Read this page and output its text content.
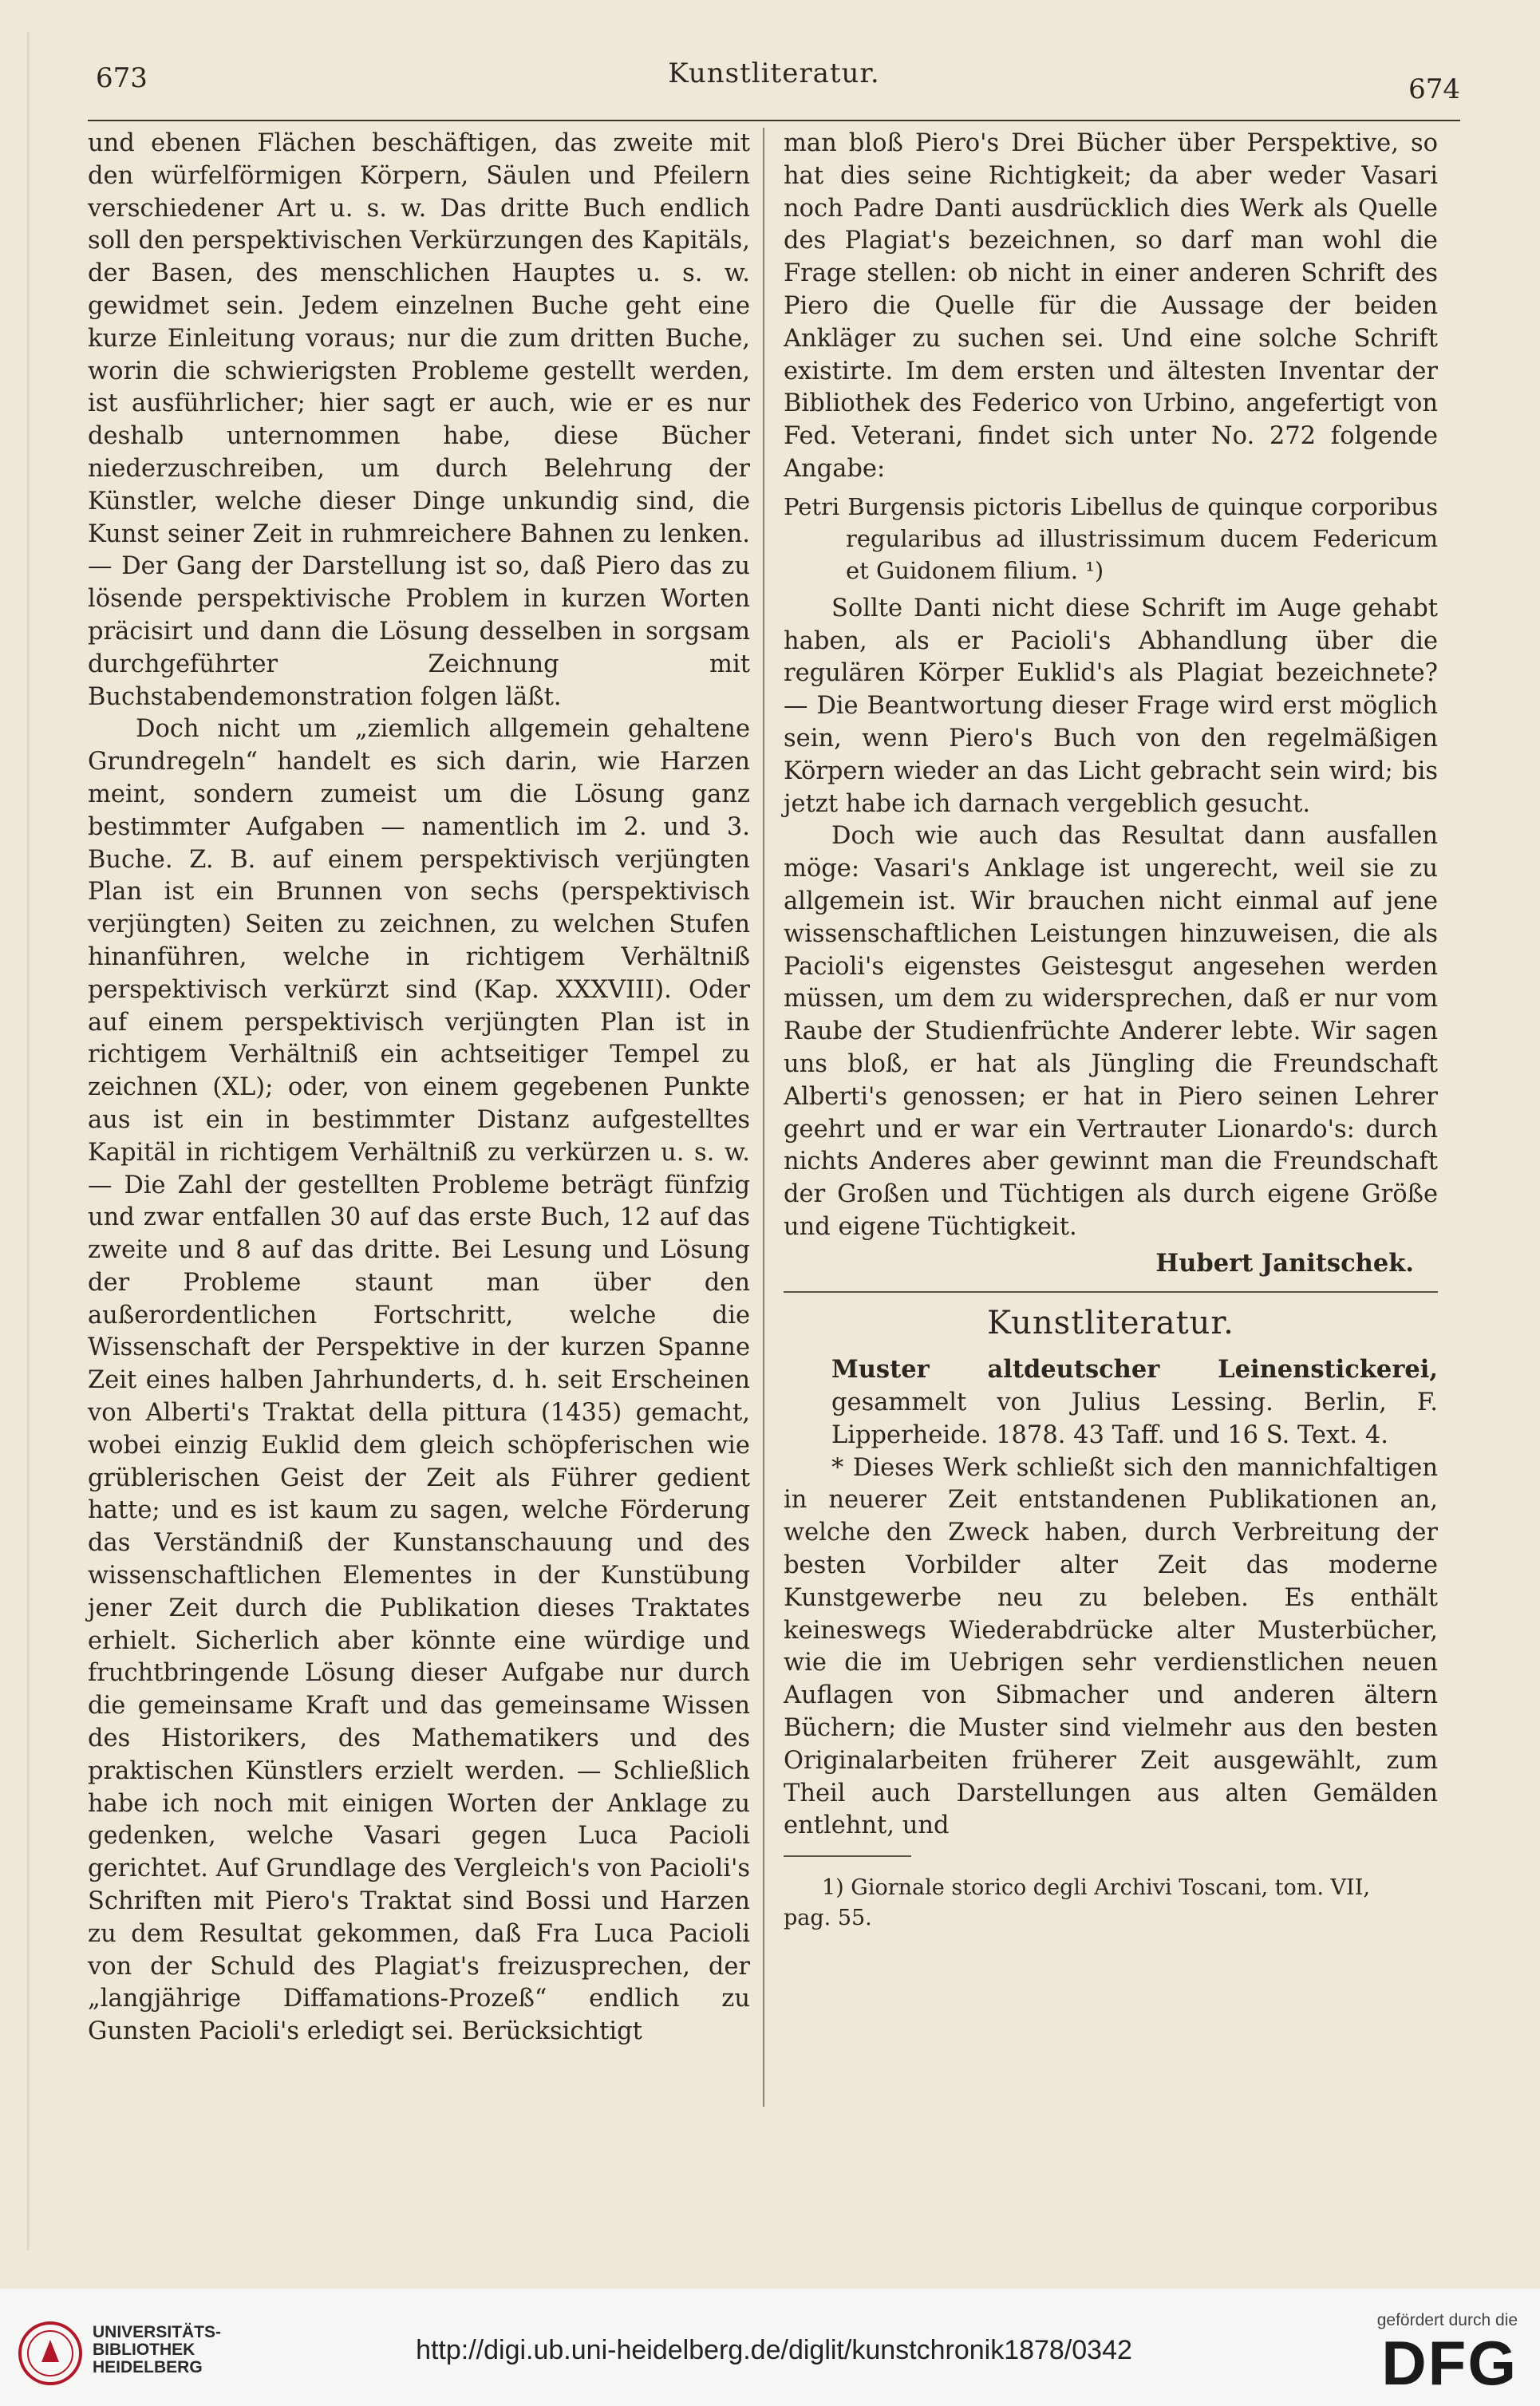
673	Kunstliteratur.	674

und ebenen Flächen beschäftigen, das zweite mit den würfelförmigen Körpern, Säulen und Pfeilern verschiedener Art u. s. w. Das dritte Buch endlich soll den perspektivischen Verkürzungen des Kapitäls, der Basen, des menschlichen Hauptes u. s. w. gewidmet sein. Jedem einzelnen Buche geht eine kurze Einleitung voraus; nur die zum dritten Buche, worin die schwierigsten Probleme gestellt werden, ist ausführlicher; hier sagt er auch, wie er es nur deshalb unternommen habe, diese Bücher niederzuschreiben, um durch Belehrung der Künstler, welche dieser Dinge unkundig sind, die Kunst seiner Zeit in ruhmreichere Bahnen zu lenken. — Der Gang der Darstellung ist so, daß Piero das zu lösende perspektivische Problem in kurzen Worten präcisirt und dann die Lösung desselben in sorgsam durchgeführter Zeichnung mit Buchstabendemonstration folgen läßt.

Doch nicht um „ziemlich allgemein gehaltene Grundregeln“ handelt es sich darin, wie Harzen meint, sondern zumeist um die Lösung ganz bestimmter Aufgaben — namentlich im 2. und 3. Buche. Z. B. auf einem perspektivisch verjüngten Plan ist ein Brunnen von sechs (perspektivisch verjüngten) Seiten zu zeichnen, zu welchen Stufen hinanführen, welche in richtigem Verhältniß perspektivisch verkürzt sind (Kap. XXXVIII). Oder auf einem perspektivisch verjüngten Plan ist in richtigem Verhältniß ein achtseitiger Tempel zu zeichnen (XL); oder, von einem gegebenen Punkte aus ist ein in bestimmter Distanz aufgestelltes Kapitäl in richtigem Verhältniß zu verkürzen u. s. w. — Die Zahl der gestellten Probleme beträgt fünfzig und zwar entfallen 30 auf das erste Buch, 12 auf das zweite und 8 auf das dritte. Bei Lesung und Lösung der Probleme staunt man über den außerordentlichen Fortschritt, welche die Wissenschaft der Perspektive in der kurzen Spanne Zeit eines halben Jahrhunderts, d. h. seit Erscheinen von Alberti's Traktat della pittura (1435) gemacht, wobei einzig Euklid dem gleich schöpferischen wie grüblerischen Geist der Zeit als Führer gedient hatte; und es ist kaum zu sagen, welche Förderung das Verständniß der Kunstanschauung und des wissenschaftlichen Elementes in der Kunstübung jener Zeit durch die Publikation dieses Traktates erhielt. Sicherlich aber könnte eine würdige und fruchtbringende Lösung dieser Aufgabe nur durch die gemeinsame Kraft und das gemeinsame Wissen des Historikers, des Mathematikers und des praktischen Künstlers erzielt werden. — Schließlich habe ich noch mit einigen Worten der Anklage zu gedenken, welche Vasari gegen Luca Pacioli gerichtet. Auf Grundlage des Vergleich's von Pacioli's Schriften mit Piero's Traktat sind Bossi und Harzen zu dem Resultat gekommen, daß Fra Luca Pacioli von der Schuld des Plagiat's freizusprechen, der „langjährige Diffamations-Prozeß“ endlich zu Gunsten Pacioli's erledigt sei. Berücksichtigt

man bloß Piero's Drei Bücher über Perspektive, so hat dies seine Richtigkeit; da aber weder Vasari noch Padre Danti ausdrücklich dies Werk als Quelle des Plagiat's bezeichnen, so darf man wohl die Frage stellen: ob nicht in einer anderen Schrift des Piero die Quelle für die Aussage der beiden Ankläger zu suchen sei. Und eine solche Schrift existirte. Im dem ersten und ältesten Inventar der Bibliothek des Federico von Urbino, angefertigt von Fed. Veterani, findet sich unter No. 272 folgende Angabe:

Petri Burgensis pictoris Libellus de quinque corporibus regularibus ad illustrissimum ducem Federicum et Guidonem filium. ¹)

Sollte Danti nicht diese Schrift im Auge gehabt haben, als er Pacioli's Abhandlung über die regulären Körper Euklid's als Plagiat bezeichnete? — Die Beantwortung dieser Frage wird erst möglich sein, wenn Piero's Buch von den regelmäßigen Körpern wieder an das Licht gebracht sein wird; bis jetzt habe ich darnach vergeblich gesucht.

Doch wie auch das Resultat dann ausfallen möge: Vasari's Anklage ist ungerecht, weil sie zu allgemein ist. Wir brauchen nicht einmal auf jene wissenschaftlichen Leistungen hinzuweisen, die als Pacioli's eigenstes Geistesgut angesehen werden müssen, um dem zu widersprechen, daß er nur vom Raube der Studienfrüchte Anderer lebte. Wir sagen uns bloß, er hat als Jüngling die Freundschaft Alberti's genossen; er hat in Piero seinen Lehrer geehrt und er war ein Vertrauter Lionardo's: durch nichts Anderes aber gewinnt man die Freundschaft der Großen und Tüchtigen als durch eigene Größe und eigene Tüchtigkeit.

Hubert Janitschek.
Kunstliteratur.

Muster altdeutscher Leinenstickerei, gesammelt von Julius Lessing. Berlin, F. Lipperheide. 1878. 43 Taff. und 16 S. Text. 4.

* Dieses Werk schließt sich den mannichfaltigen in neuerer Zeit entstandenen Publikationen an, welche den Zweck haben, durch Verbreitung der besten Vorbilder alter Zeit das moderne Kunstgewerbe neu zu beleben. Es enthält keineswegs Wiederabdrücke alter Musterbücher, wie die im Uebrigen sehr verdienstlichen neuen Auflagen von Sibmacher und anderen ältern Büchern; die Muster sind vielmehr aus den besten Originalarbeiten früherer Zeit ausgewählt, zum Theil auch Darstellungen aus alten Gemälden entlehnt, und

1) Giornale storico degli Archivi Toscani, tom. VII,
pag. 55.
UNIVERSITÄTS-
BIBLIOTHEK
HEIDELBERG
http://digi.ub.uni-heidelberg.de/diglit/kunstchronik1878/0342
gefördert durch die
DFG
